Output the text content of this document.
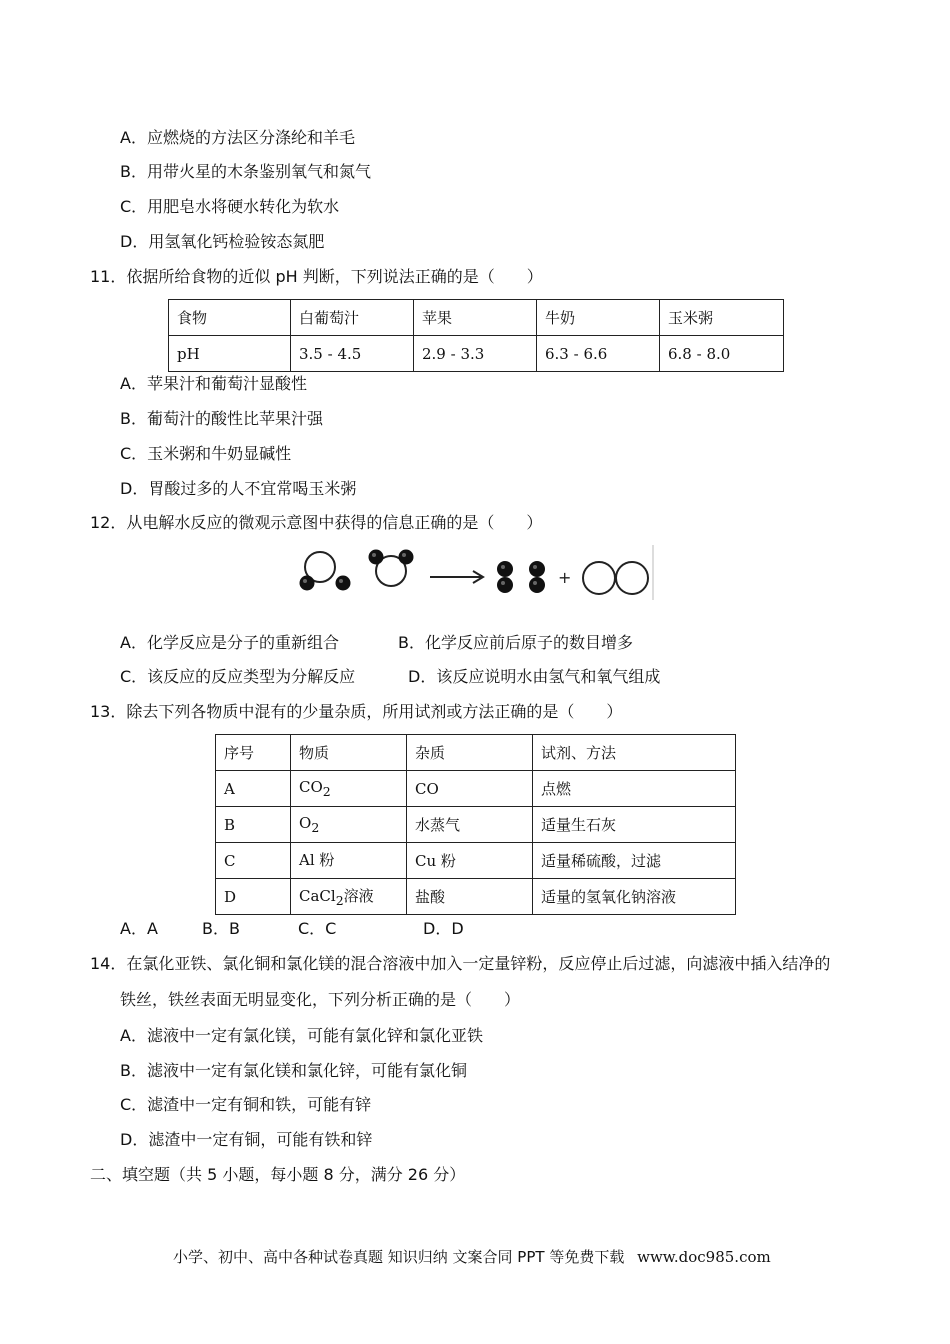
A．应燃烧的方法区分涤纶和羊毛
B．用带火星的木条鉴别氧气和氮气
C．用肥皂水将硬水转化为软水
D．用氢氧化钙检验铵态氮肥
11．依据所给食物的近似 pH 判断，下列说法正确的是（　　）
食物	白葡萄汁	苹果	牛奶	玉米粥
pH	3.5 ‐ 4.5	2.9 ‐ 3.3	6.3 ‐ 6.6	6.8 ‐ 8.0
A．苹果汁和葡萄汁显酸性
B．葡萄汁的酸性比苹果汁强
C．玉米粥和牛奶显碱性
D．胃酸过多的人不宜常喝玉米粥
12．从电解水反应的微观示意图中获得的信息正确的是（　　）
+
A．化学反应是分子的重新组合	B．化学反应前后原子的数目增多
C．该反应的反应类型为分解反应	D．该反应说明水由氢气和氧气组成
13．除去下列各物质中混有的少量杂质，所用试剂或方法正确的是（　　）
序号	物质	杂质	试剂、方法
A	$CO_2$	CO	点燃
B	$O_2$	水蒸气	适量生石灰
C	Al 粉	Cu 粉	适量稀硫酸，过滤
D	CaCl$_2$溶液	盐酸	适量的氢氧化钠溶液
A．A	B．B	C．C	D．D
14．在氯化亚铁、氯化铜和氯化镁的混合溶液中加入一定量锌粉，反应停止后过滤，向滤液中插入结净的
铁丝，铁丝表面无明显变化，下列分析正确的是（　　）
A．滤液中一定有氯化镁，可能有氯化锌和氯化亚铁
B．滤液中一定有氯化镁和氯化锌，可能有氯化铜
C．滤渣中一定有铜和铁，可能有锌
D．滤渣中一定有铜，可能有铁和锌
二、填空题（共 5 小题，每小题 8 分，满分 26 分）
小学、初中、高中各种试卷真题 知识归纳 文案合同 PPT 等免费下载 www.doc985.com
